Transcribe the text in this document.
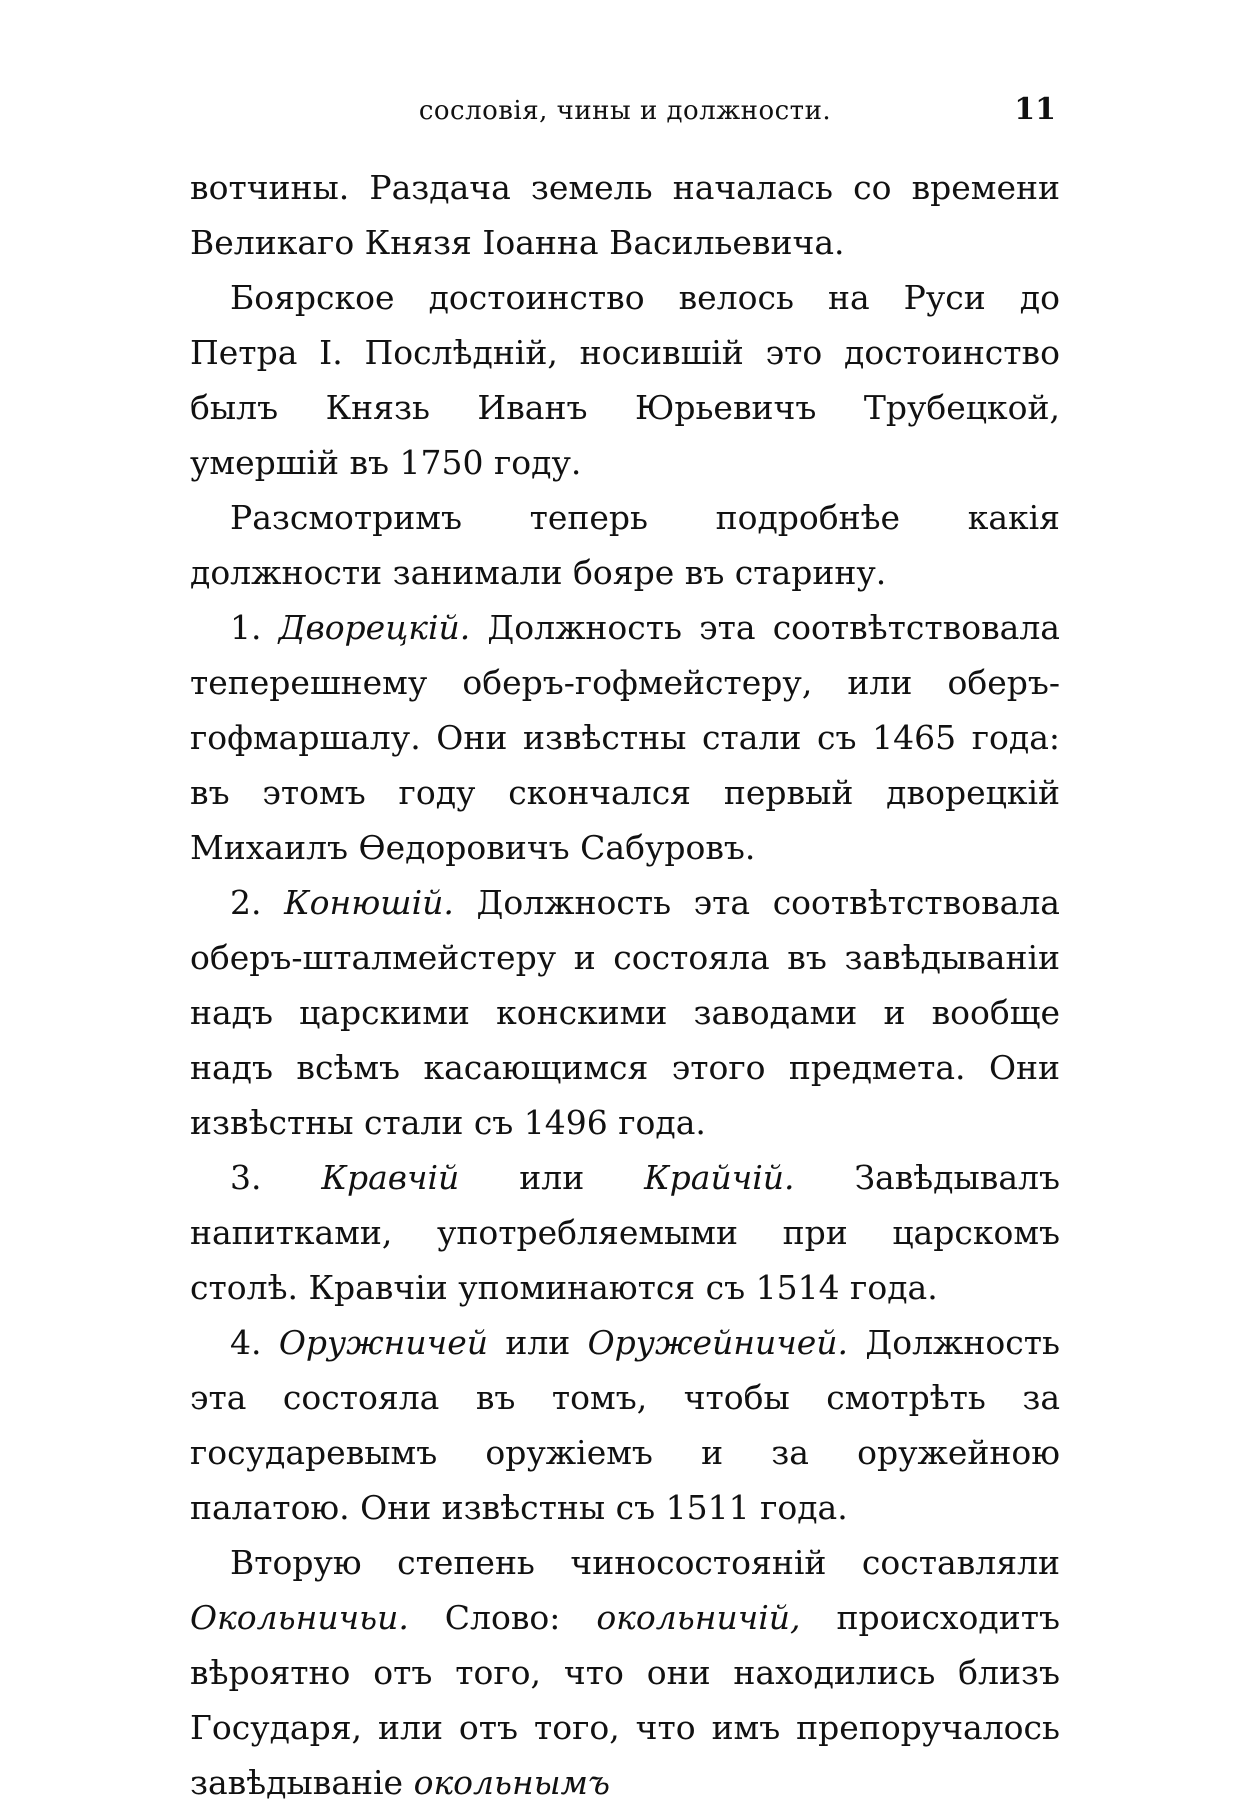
сословія, чины и должности.	11

вотчины. Раздача земель началась со времени Великаго Князя Іоанна Васильевича.

Боярское достоинство велось на Руси до Петра I. Послѣдній, носившій это достоинство былъ Князь Иванъ Юрьевичъ Трубецкой, умершій въ 1750 году.

Разсмотримъ теперь подробнѣе какія должности занимали бояре въ старину.

1. Дворецкій. Должность эта соотвѣтствовала теперешнему оберъ-гофмейстеру, или оберъ-гофмаршалу. Они извѣстны стали съ 1465 года: въ этомъ году скончался первый дворецкій Михаилъ Ѳедоровичъ Сабуровъ.

2. Конюшій. Должность эта соотвѣтствовала оберъ-шталмейстеру и состояла въ завѣдываніи надъ царскими конскими заводами и вообще надъ всѣмъ касающимся этого предмета. Они извѣстны стали съ 1496 года.

3. Кравчій или Крайчій. Завѣдывалъ напитками, употребляемыми при царскомъ столѣ. Кравчіи упоминаются съ 1514 года.

4. Оружничей или Оружейничей. Должность эта состояла въ томъ, чтобы смотрѣть за государевымъ оружіемъ и за оружейною палатою. Они извѣстны съ 1511 года.

Вторую степень чиносостояній составляли Окольничьи. Слово: окольничій, происходитъ вѣроятно отъ того, что они находились близъ Государя, или отъ того, что имъ препоручалось завѣдываніе окольнымъ
